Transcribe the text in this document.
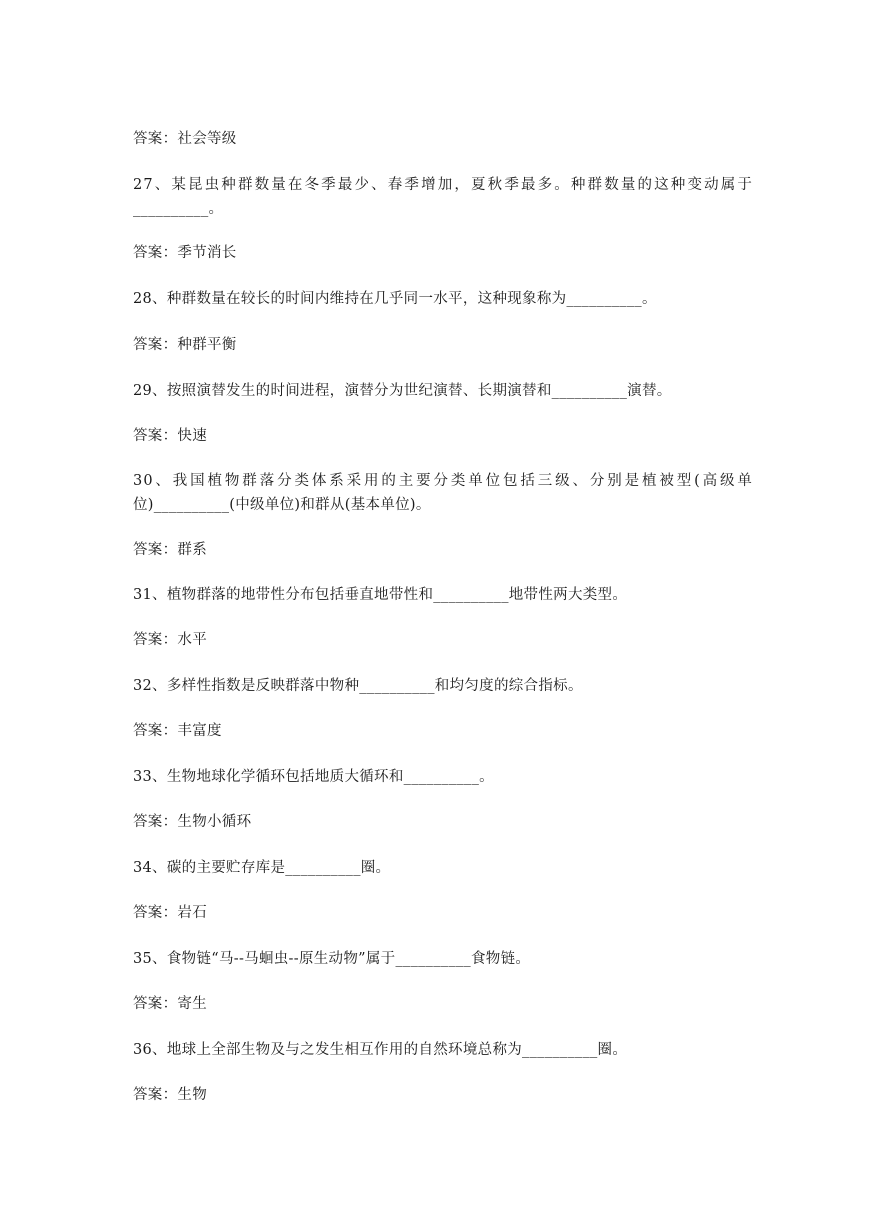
答案：社会等级
27、某昆虫种群数量在冬季最少、春季增加，夏秋季最多。种群数量的这种变动属于
__________。
答案：季节消长
28、种群数量在较长的时间内维持在几乎同一水平，这种现象称为__________。
答案：种群平衡
29、按照演替发生的时间进程，演替分为世纪演替、长期演替和__________演替。
答案：快速
30、我国植物群落分类体系采用的主要分类单位包括三级、分别是植被型(高级单
位)__________(中级单位)和群从(基本单位)。
答案：群系
31、植物群落的地带性分布包括垂直地带性和__________地带性两大类型。
答案：水平
32、多样性指数是反映群落中物种__________和均匀度的综合指标。
答案：丰富度
33、生物地球化学循环包括地质大循环和__________。
答案：生物小循环
34、碳的主要贮存库是__________圈。
答案：岩石
35、食物链“马--马蛔虫--原生动物”属于__________食物链。
答案：寄生
36、地球上全部生物及与之发生相互作用的自然环境总称为__________圈。
答案：生物
